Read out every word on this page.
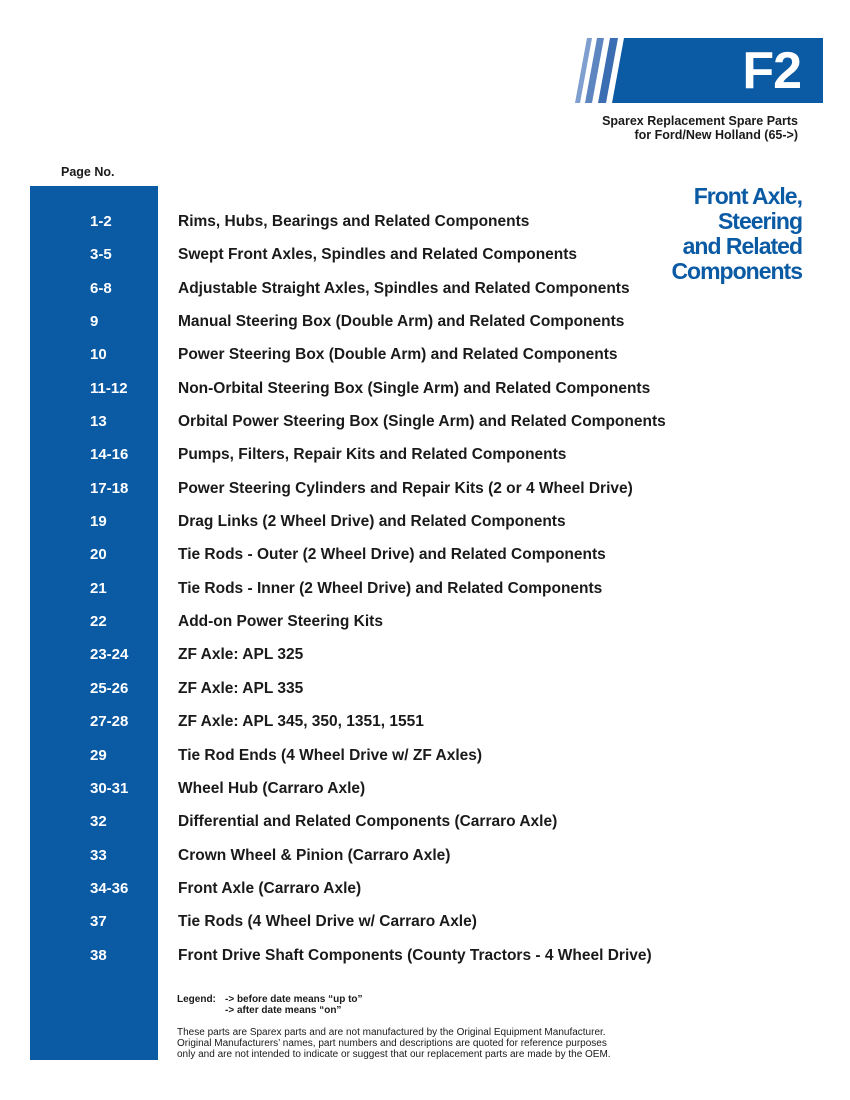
F2
Sparex Replacement Spare Parts
for Ford/New Holland (65->)
Page No.
Front Axle,
Steering
and Related
Components
1-2	Rims, Hubs, Bearings and Related Components
3-5	Swept Front Axles, Spindles and Related Components
6-8	Adjustable Straight Axles, Spindles and Related Components
9	Manual Steering Box (Double Arm) and Related Components
10	Power Steering Box (Double Arm) and Related Components
11-12	Non-Orbital Steering Box (Single Arm) and Related Components
13	Orbital Power Steering Box (Single Arm) and Related Components
14-16	Pumps, Filters, Repair Kits and Related Components
17-18	Power Steering Cylinders and Repair Kits (2 or 4 Wheel Drive)
19	Drag Links (2 Wheel Drive) and Related Components
20	Tie Rods - Outer (2 Wheel Drive) and Related Components
21	Tie Rods - Inner (2 Wheel Drive) and Related Components
22	Add-on Power Steering Kits
23-24	ZF Axle: APL 325
25-26	ZF Axle: APL 335
27-28	ZF Axle: APL 345, 350, 1351, 1551
29	Tie Rod Ends (4 Wheel Drive w/ ZF Axles)
30-31	Wheel Hub (Carraro Axle)
32	Differential and Related Components (Carraro Axle)
33	Crown Wheel & Pinion (Carraro Axle)
34-36	Front Axle (Carraro Axle)
37	Tie Rods (4 Wheel Drive w/ Carraro Axle)
38	Front Drive Shaft Components (County Tractors - 4 Wheel Drive)
Legend: -> before date means “up to”
-> after date means “on”
These parts are Sparex parts and are not manufactured by the Original Equipment Manufacturer.
Original Manufacturers’ names, part numbers and descriptions are quoted for reference purposes
only and are not intended to indicate or suggest that our replacement parts are made by the OEM.
